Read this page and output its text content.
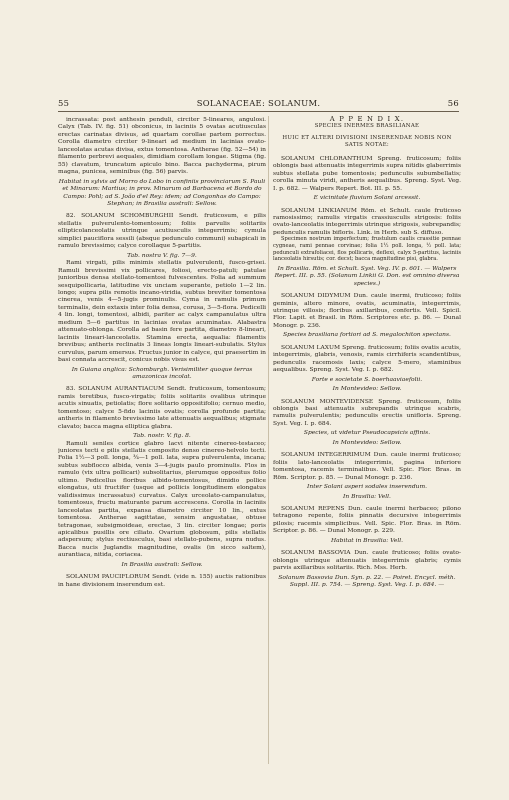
55	SOLANACEAE: SOLANUM.	56

incrassata: post anthesin penduli, circiter 5-lineares, angulosi. Calyx (Tab. IV. fig. 51) obconicus, in laciniis 5 ovatas acutiusculas erectas carinatas divisus, ad quartam corollae partem porrectus. Corolla diametro circiter 9-lineari ad medium in lacinias ovato-lanceolatas acutas divisa, extus tomentosa. Antherae (fig. 52—54) in filamento perbrevi aequales, dimidiam corollam longae. Stigma (fig. 55) clavatum, truncatum apiculo bino. Bacca pachyderma, pirum magna, punicea, seminibus (fig. 56) parvis.

Habitat in sylvis ad Morro do Lobo in confiniis provinciarum S. Pauli et Minarum: Martius; in prov. Minarum ad Barbacena et Bordo do Campo: Pohl; ad S. João d'el Rey: idem; ad Congonhas do Campo: Stephan; in Brasilia australi: Sellow.

82. SOLANUM SCHOMBURGHII Sendt. fruticosum, e pilis stellatis pulverulento-tomentosum; foliis parvulis solitariis ellipticolanceolatis utrinque acutiusculis integerrimis; cymula simplici pauciflora sessili (absque pedunculo communi) subapicali in ramulo brevissimo; calyce corollaque 5-partitis.

Tab. nostra V. fig. 7—9.

Rami virgati, pilis minimis stellatis pulverulenti, fusco-grisei. Ramuli brevissimi vix pollicares, foliosi, erecto-patuli; patulae junioribus densa stellato-tomentosi fulvescentes. Folia ad summum sesquipollicaria, latitudine vix unciam superante, petiolo 1—2 lin. longo; supra pilis remotis incano-viridia, subtus breviter tomentosa cinerea, venis 4—5-jugis prominulis. Cyma in ramulis primum terminalis, dein extaxis inter folia densa, corusa, 3—5-flora. Pedicelli 4 lin. longi, tomentosi, albidi, pariter ac calyx campanulatus ultra medium 5—6 partitus in lacinias ovatas acuminatas. Alabastra attenuato-oblonga. Corolla ad basin fere partita, diametro 8-lineari, laciniis lineari-lanceolatis. Stamina erecta, aequalia: filamentis brevibus; antheris reclinatis 3 lineas longis lineari-subulatis. Stylus curvulus, parum emersus. Fructus junior in calyce, qui praesertim in basi connata accrescit, conicus nobis visus est.

In Guiana anglica: Schomburgh. Verisimiliter quoque terras amazonicas incolat.

83. SOLANUM AURANTIACUM Sendt. fruticosum, tomentosum; ramis teretibus, fusco-virgatis; foliis solitariis ovalibus utrinque acutis sinuatis, petiolatis; flore solitario oppositifolio; cernuo medio, tomentoso; calyce 5-fido laciniis ovatis; corolla profunde partita; antheris in filamento brevissimo late attenuatis aequalibus; stigmate clavato; bacca magna elliptica glabra.

Tab. nostr. V. fig. 8.

Ramuli seniles cortice glabro lacvi nitente cinereo-testaceo; juniores tecti e pilis stellatis composito denso cinereo-helvolo tecti. Folia 1½—3 poll. longa, ¾—1 poll. lata, supra pulverulenta, incana; subtus subflocco albida, venis 3—4-jugis pauIo prominulis. Flos in ramulo (vix ultra pollicari) subsolitarius, plerumque oppositus folio ultimo. Pedicellus floribus albido-tomentosus, dimidio pollice elongatus, uti fructifer (usque ad pollicis longitudinem elongatus validissimus incrassatus) curvatus. Calyx urceolato-campanulatus, tomentosus, fructu maturante parum accrescens. Corolla in laciniis lanceolatas partita, expansa diametro circiter 10 lin., extus tomentosa. Antherae sagittatae, sensim angustatae, obtuse tetragonae, subsigmoideae, erectae, 3 lin. circiter longae; poris apicalibus pusillis ore ciliato. Ovarium globosum, pilis stellatis adspersum; stylus rectiusculus, basi stellato-pubens, supra nudus. Bacca nucis Juglandis magnitudine, ovalis (in sicco saltem), aurantiaca, nitida, coriacea.

In Brasilia australi: Sellow.

SOLANUM PAUCIFLORUM Sendt. (vide n. 155) auctis rationibus in hane divisionem inserendum est.

A P P E N D I X.

SPECIES INERMES BRASILIANAE

HUIC ET ALTERI DIVISIONI INSERENDAE NOBIS NON SATIS NOTAE:

SOLANUM CHLORANTHUM Spreng. fruticosum; foliis oblongis basi attenuatis integerrimis supra nitidis glaberrimis subtus stellata pube tomentosis; pedunculis subumbellatis; corolla minuta viridi, antheris aequalibus. Spreng. Syst. Veg. I. p. 682. — Walpers Repert. Bot. III. p. 55.

E vicinitate fluvium Solani arcessit.

SOLANUM LINKIANUM Röm. et Schult. caule fruticoso ramosissimo; ramulis virgatis crassiusculis strigosis: foliis ovato-lanceolatis integerrimis utrinque strigosis, subrepandis; pedunculis ramulis bifloris. Link. in Herb. sub S. diffuso.

Specimen nostrum imperfectum; frustulum caulis crassitie pennae cygneae, rami pennae corvinae; folia 1½ poll. longa, ½ poll. lata; pedunculi extrafoliacei, flos pollicaris, deflexi, calyx 5-partitus, laciniis lanceolatis hirsutis; cor. decst; bacca magnitudine pisi, glabra.

In Brasilia. Röm. et Schult. Syst. Veg. IV. p. 601. — Walpers Repert. III. p. 55. (Solanum Linkii G. Don. est omnino diversa species.)

SOLANUM DIDYMUM Dun. caule inermi, fruticoso; foliis geminis, altero minore, ovatis, acuminatis, integerrimis, utrinque villosis; floribus axillaribus, confertis. Vell. Spicil. Flor. Lapit. et Brasil. in Röm. Scriptores etc. p. 86. — Dunal Monogr. p. 236.

Species brasiliana fortiori ad S. megalochiton spectans.

SOLANUM LAXUM Spreng. fruticosum; foliis ovatis acutis, integerrimis, glabris, venosis, ramis cirrhiferis scandentibus, pedunculis racemosis laxis; calyce 5-mero, staminibus aequalibus. Spreng. Syst. Veg. I. p. 682.

Forte e societate S. boerhaaviaefolii.

In Montevideo: Sellow.

SOLANUM MONTEVIDENSE Spreng. fruticosum, foliis oblongis basi attenuatis subrepandis utrinque scabris, ramulis pulverulentis; pedunculis erectis unifloris. Spreng. Syst. Veg. I. p. 684.

Species, ut videtur Pseudocapsicis affinis.

In Montevideo: Sellow.

SOLANUM INTEGERRIMUM Dun. caule inermi fruticoso; foliis lato-lanceolatis integerrimis, pagina inferiore tomentosa, racemis terminalibus. Vell. Spic. Flor. Bras. in Röm. Scriptor. p. 85. — Dunal Monogr. p. 236.

Inter Solani asperi sodales inserendum.

In Brasilia: Vell.

SOLANUM REPENS Dun. caule inermi herbaceo; pilono tetragono repente, foliis pinnatis decursive integerrimis pilosis; racemis simplicibus. Vell. Spic. Flor. Bras. in Röm. Scriptor. p. 86. — Dunal Monogr. p. 229.

Habitat in Brasilia: Vell.

SOLANUM BASSOVIA Dun. caule fruticoso; foliis ovato-oblongis utrinque attenuatis integerrimis glabris; cymis parvis axillaribus solitariis. Rich. Mss. Herb.

Solanum Bassovia Dun. Syn. p. 22. — Poiret. Encycl. méth. Suppl. III. p. 754. — Spreng. Syst. Veg. I. p. 684. —
